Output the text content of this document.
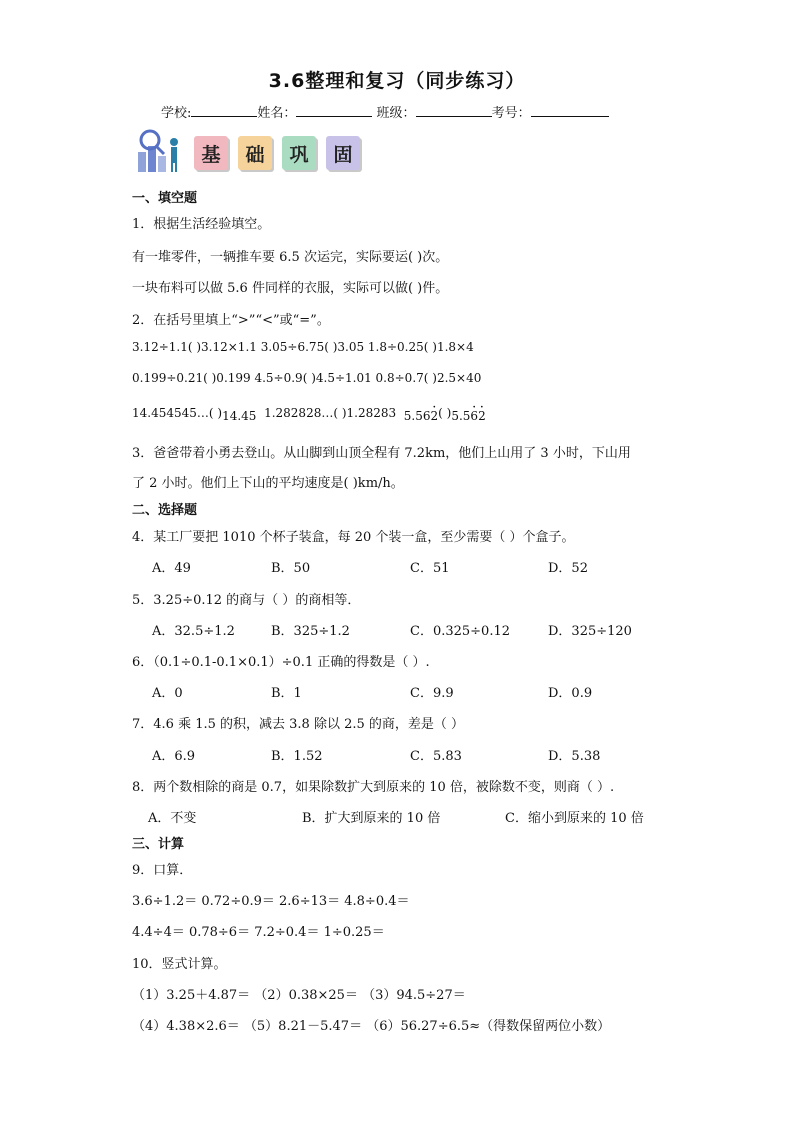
3.6整理和复习（同步练习）
学校:	姓名：	班级：	考号：
基	础	巩	固
一、填空题
1．根据生活经验填空。
有一堆零件，一辆推车要 6.5 次运完，实际要运( )次。
一块布料可以做 5.6 件同样的衣服，实际可以做( )件。
2．在括号里填上“>”“<”或“=”。
3.12÷1.1( )3.12×1.1 3.05÷6.75( )3.05 1.8÷0.25( )1.8×4
0.199÷0.21( )0.199 4.5÷0.9( )4.5÷1.01 0.8÷0.7( )2.5×40
14.454545…( )14.45 1.282828…( )1.28283 5.562 ·( )5.56 ·2 ·
3．爸爸带着小勇去登山。从山脚到山顶全程有 7.2km，他们上山用了 3 小时，下山用
了 2 小时。他们上下山的平均速度是( )km/h。
二、选择题
4．某工厂要把 1010 个杯子装盒，每 20 个装一盒，至少需要（ ）个盒子。
A．49	B．50	C．51	D．52
5．3.25÷0.12 的商与（ ）的商相等．
A．32.5÷1.2	B．325÷1.2	C．0.325÷0.12	D．325÷120
6．（0.1÷0.1-0.1×0.1）÷0.1 正确的得数是（ ）.
A．0	B．1	C．9.9	D．0.9
7．4.6 乘 1.5 的积，减去 3.8 除以 2.5 的商，差是（ ）
A．6.9	B．1.52	C．5.83	D．5.38
8．两个数相除的商是 0.7，如果除数扩大到原来的 10 倍，被除数不变，则商（ ）.
A．不变	B．扩大到原来的 10 倍	C．缩小到原来的 10 倍
三、计算
9．口算．
3.6÷1.2＝ 0.72÷0.9＝ 2.6÷13＝ 4.8÷0.4＝
4.4÷4＝ 0.78÷6＝ 7.2÷0.4＝ 1÷0.25＝
10．竖式计算。
（1）3.25＋4.87＝ （2）0.38×25＝ （3）94.5÷27＝
（4）4.38×2.6＝ （5）8.21－5.47＝ （6）56.27÷6.5≈（得数保留两位小数）
